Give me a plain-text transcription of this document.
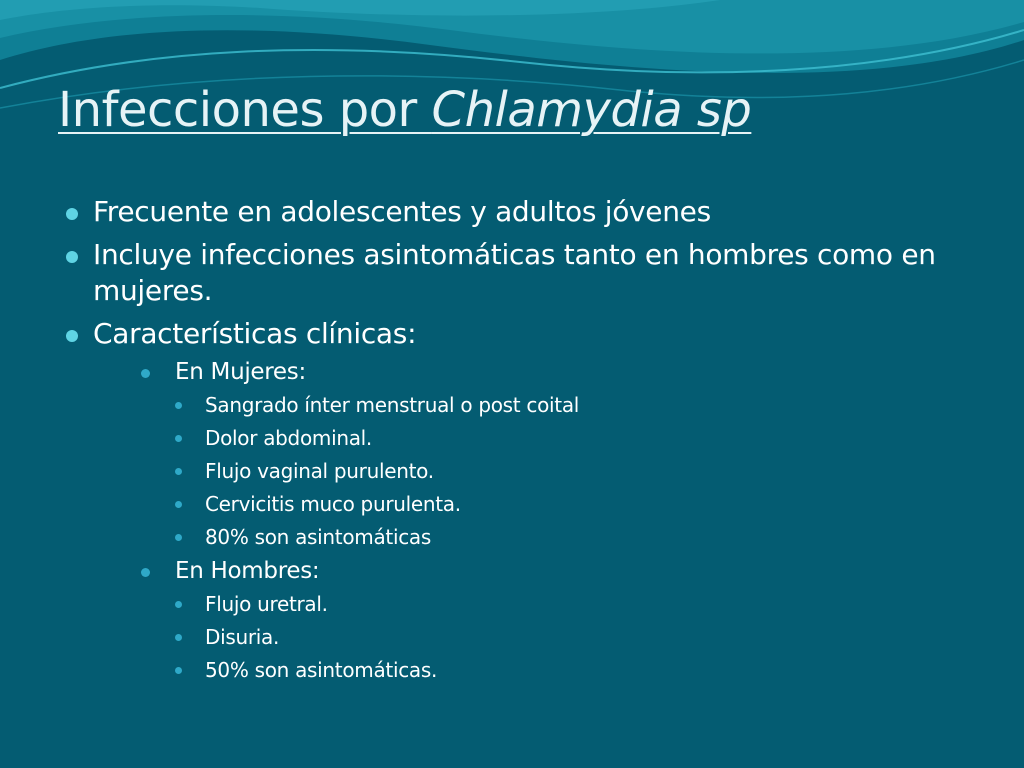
Infecciones por Chlamydia sp
Frecuente en adolescentes y adultos jóvenes
Incluye infecciones asintomáticas tanto en hombres como en mujeres.
Características clínicas:
En Mujeres:
Sangrado ínter menstrual o post coital
Dolor abdominal.
Flujo vaginal purulento.
Cervicitis muco purulenta.
80% son asintomáticas
En Hombres:
Flujo uretral.
Disuria.
50% son asintomáticas.
